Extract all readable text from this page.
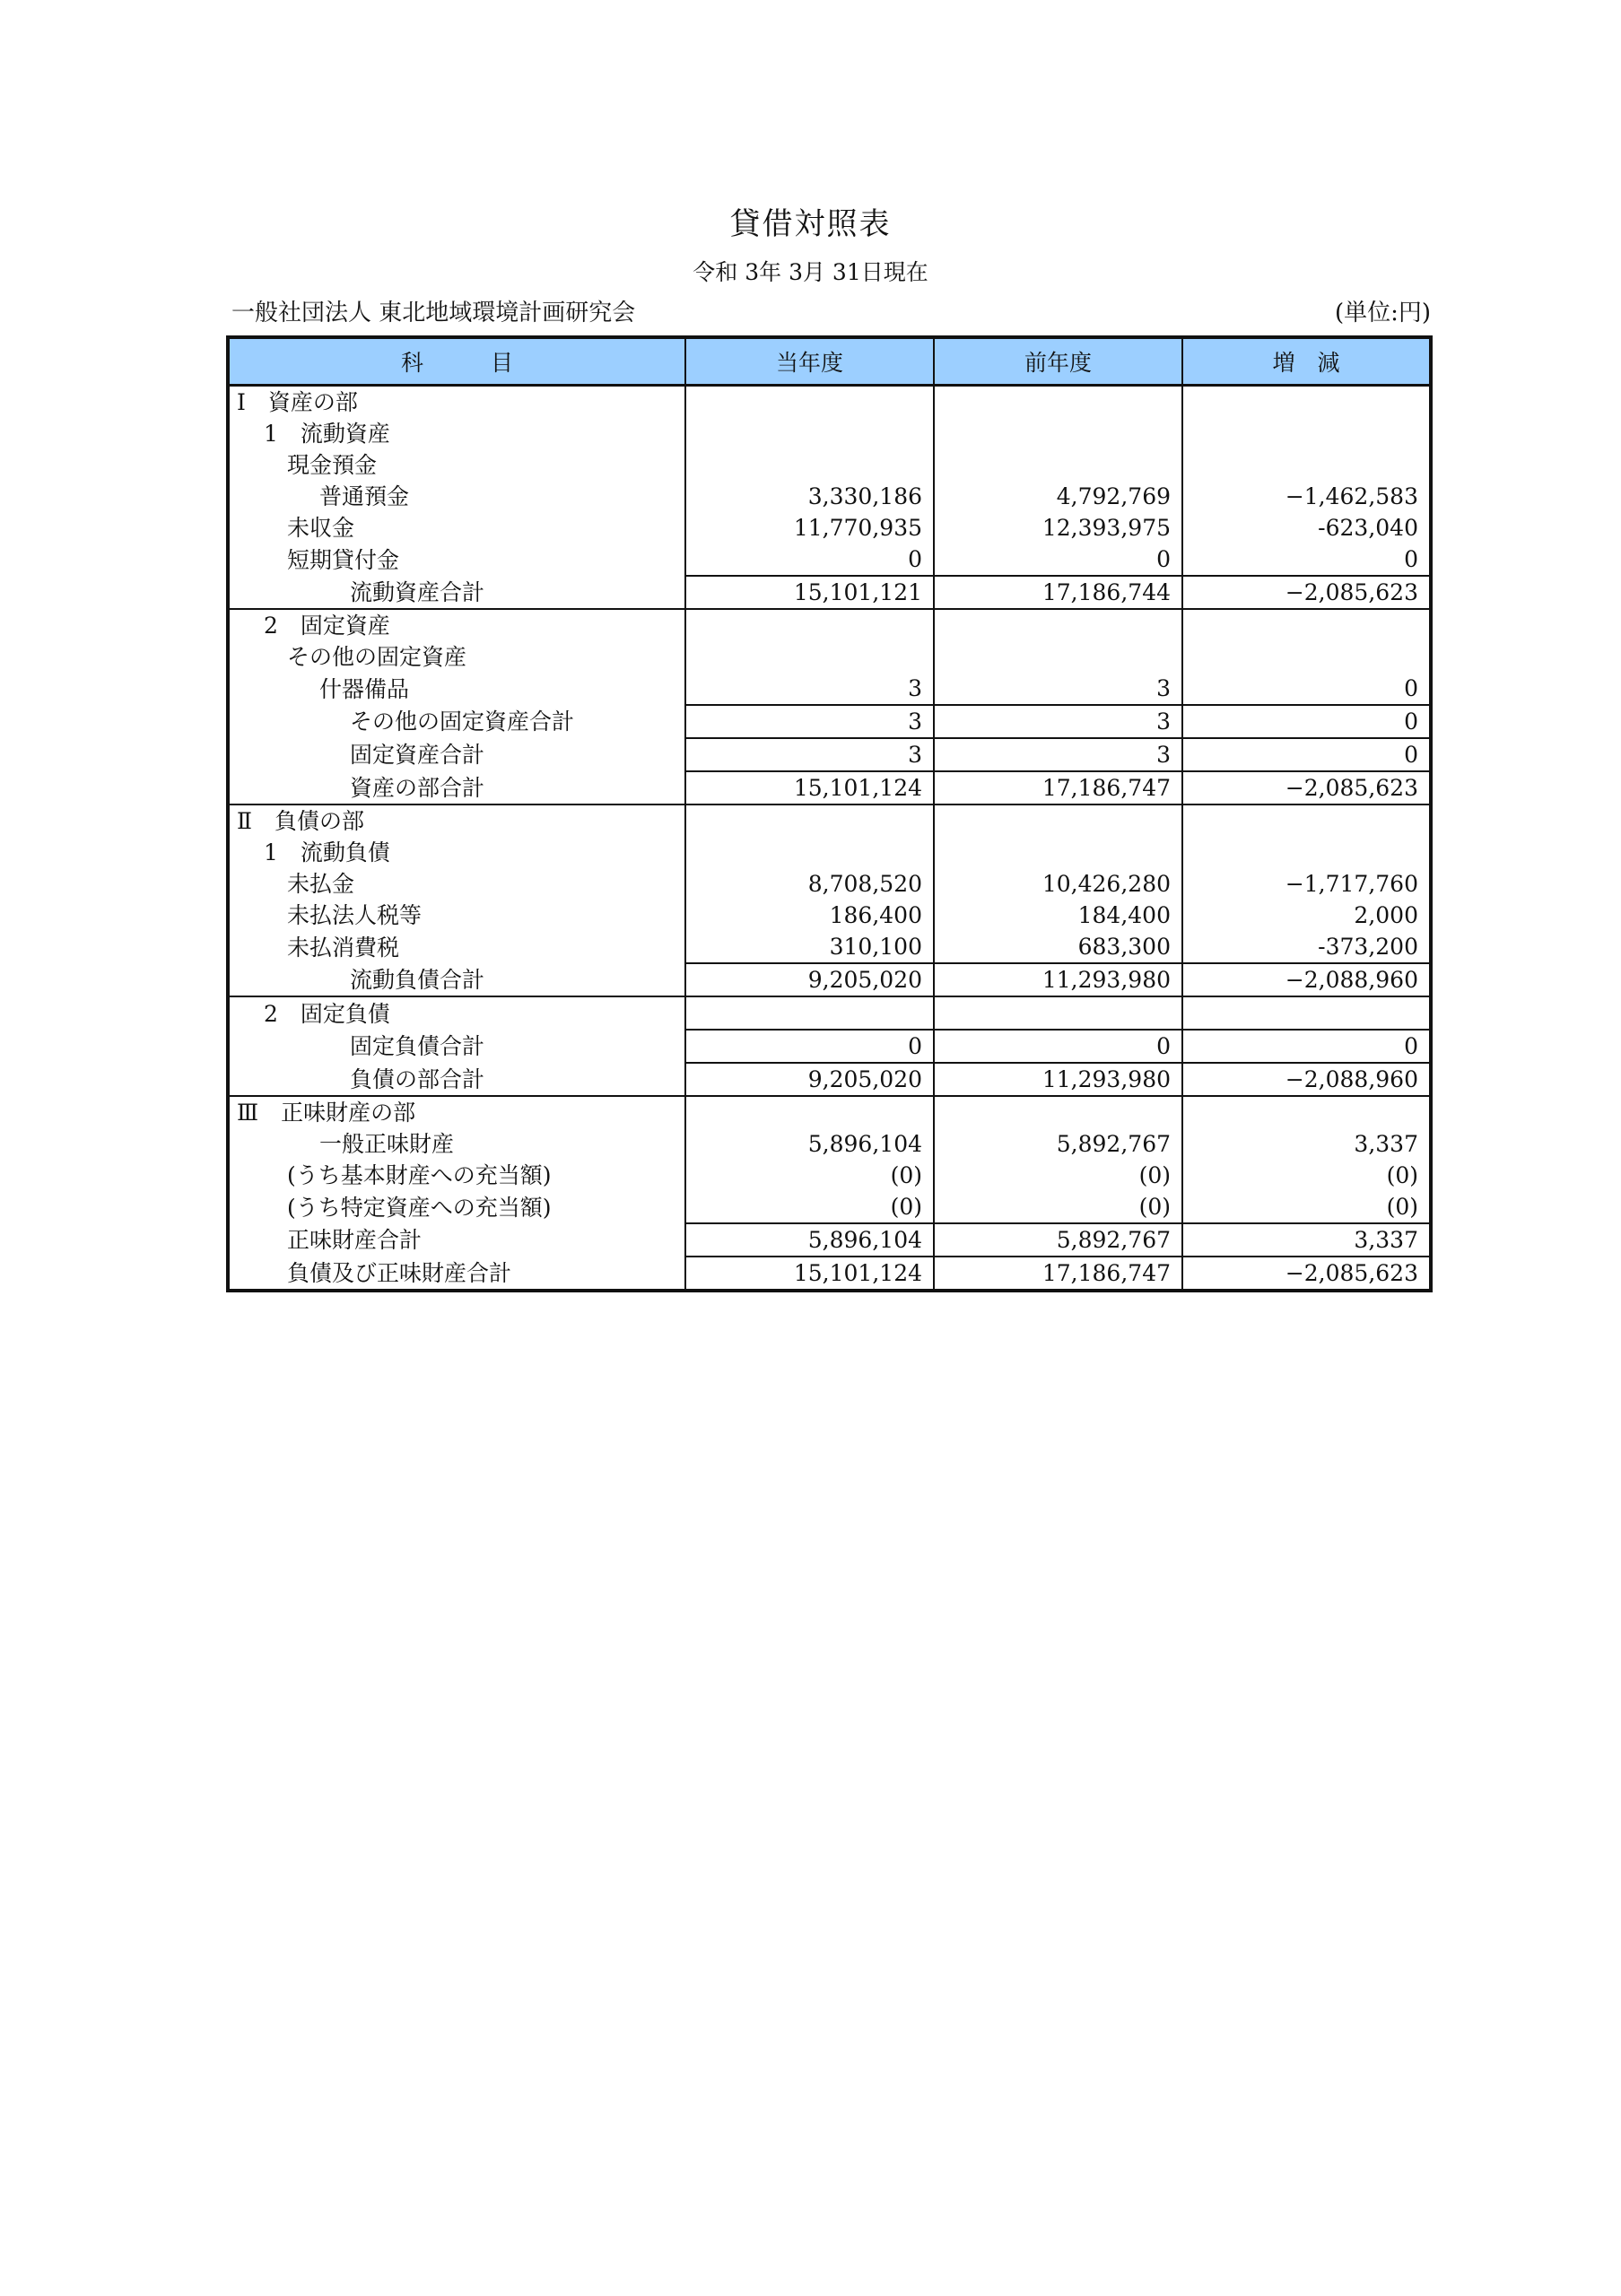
貸借対照表
令和 3年 3月 31日現在
一般社団法人 東北地域環境計画研究会	(単位:円)
科　　　目	当年度	前年度	増　減
Ⅰ　資産の部			
1　流動資産			
現金預金			
普通預金	3,330,186	4,792,769	−1,462,583
未収金	11,770,935	12,393,975	-623,040
短期貸付金	0	0	0
流動資産合計	15,101,121	17,186,744	−2,085,623
2　固定資産			
その他の固定資産			
什器備品	3	3	0
その他の固定資産合計	3	3	0
固定資産合計	3	3	0
資産の部合計	15,101,124	17,186,747	−2,085,623
Ⅱ　負債の部			
1　流動負債			
未払金	8,708,520	10,426,280	−1,717,760
未払法人税等	186,400	184,400	2,000
未払消費税	310,100	683,300	-373,200
流動負債合計	9,205,020	11,293,980	−2,088,960
2　固定負債			
固定負債合計	0	0	0
負債の部合計	9,205,020	11,293,980	−2,088,960
Ⅲ　正味財産の部			
一般正味財産	5,896,104	5,892,767	3,337
(うち基本財産への充当額)	(0)	(0)	(0)
(うち特定資産への充当額)	(0)	(0)	(0)
正味財産合計	5,896,104	5,892,767	3,337
負債及び正味財産合計	15,101,124	17,186,747	−2,085,623
